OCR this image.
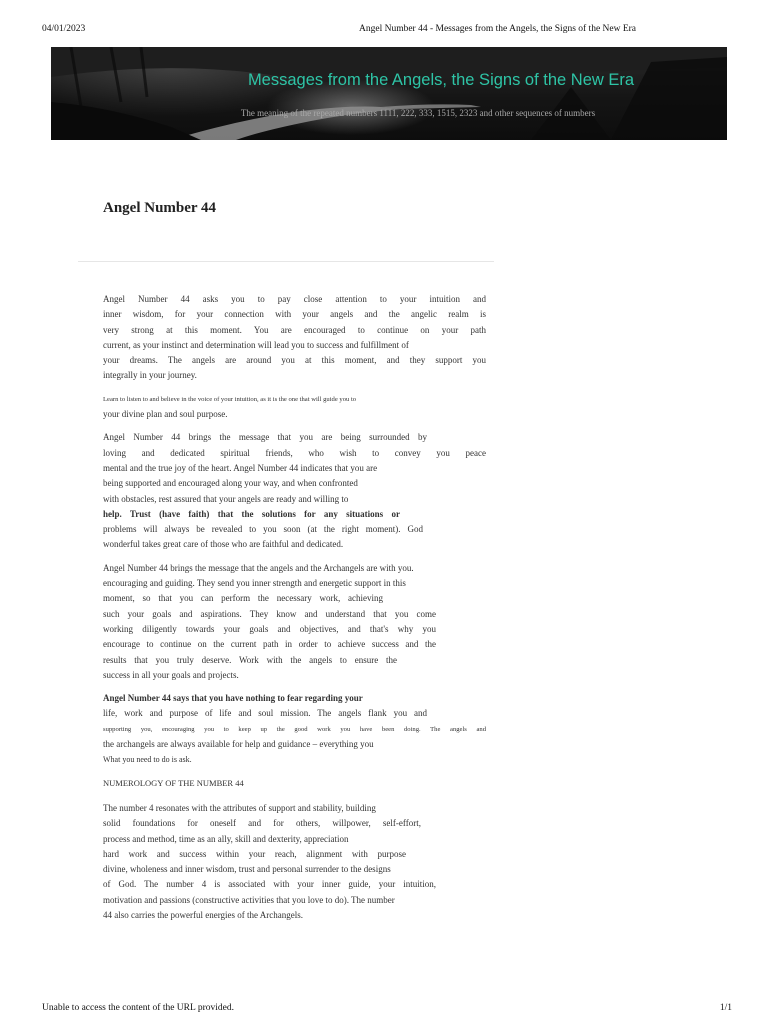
04/01/2023	Angel Number 44 - Messages from the Angels, the Signs of the New Era
Messages from the Angels, the Signs of the New Era
The meaning of the repeated numbers 1111, 222, 333, 1515, 2323 and other sequences of numbers
Angel Number 44
Angel Number 44 asks you to pay close attention to your intuition and
inner wisdom, for your connection with your angels and the angelic realm is
very strong at this moment. You are encouraged to continue on your path
current, as your instinct and determination will lead you to success and fulfillment of
your dreams. The angels are around you at this moment, and they support you
integrally in your journey.
Learn to listen to and believe in the voice of your intuition, as it is the one that will guide you to
your divine plan and soul purpose.
Angel Number 44 brings the message that you are being surrounded by
loving and dedicated spiritual friends, who wish to convey you peace
mental and the true joy of the heart. Angel Number 44 indicates that you are
being supported and encouraged along your way, and when confronted
with obstacles, rest assured that your angels are ready and willing to
help. Trust (have faith) that the solutions for any situations or
problems will always be revealed to you soon (at the right moment). God
wonderful takes great care of those who are faithful and dedicated.
Angel Number 44 brings the message that the angels and the Archangels are with you.
encouraging and guiding. They send you inner strength and energetic support in this
moment, so that you can perform the necessary work, achieving
such your goals and aspirations. They know and understand that you come
working diligently towards your goals and objectives, and that's why you
encourage to continue on the current path in order to achieve success and the
results that you truly deserve. Work with the angels to ensure the
success in all your goals and projects.
Angel Number 44 says that you have nothing to fear regarding your
life, work and purpose of life and soul mission. The angels flank you and
supporting you, encouraging you to keep up the good work you have been doing. The angels and
the archangels are always available for help and guidance – everything you
What you need to do is ask.
NUMEROLOGY OF THE NUMBER 44
The number 4 resonates with the attributes of support and stability, building
solid foundations for oneself and for others, willpower, self-effort,
process and method, time as an ally, skill and dexterity, appreciation
hard work and success within your reach, alignment with purpose
divine, wholeness and inner wisdom, trust and personal surrender to the designs
of God. The number 4 is associated with your inner guide, your intuition,
motivation and passions (constructive activities that you love to do). The number
44 also carries the powerful energies of the Archangels.
Unable to access the content of the URL provided.	1/1
